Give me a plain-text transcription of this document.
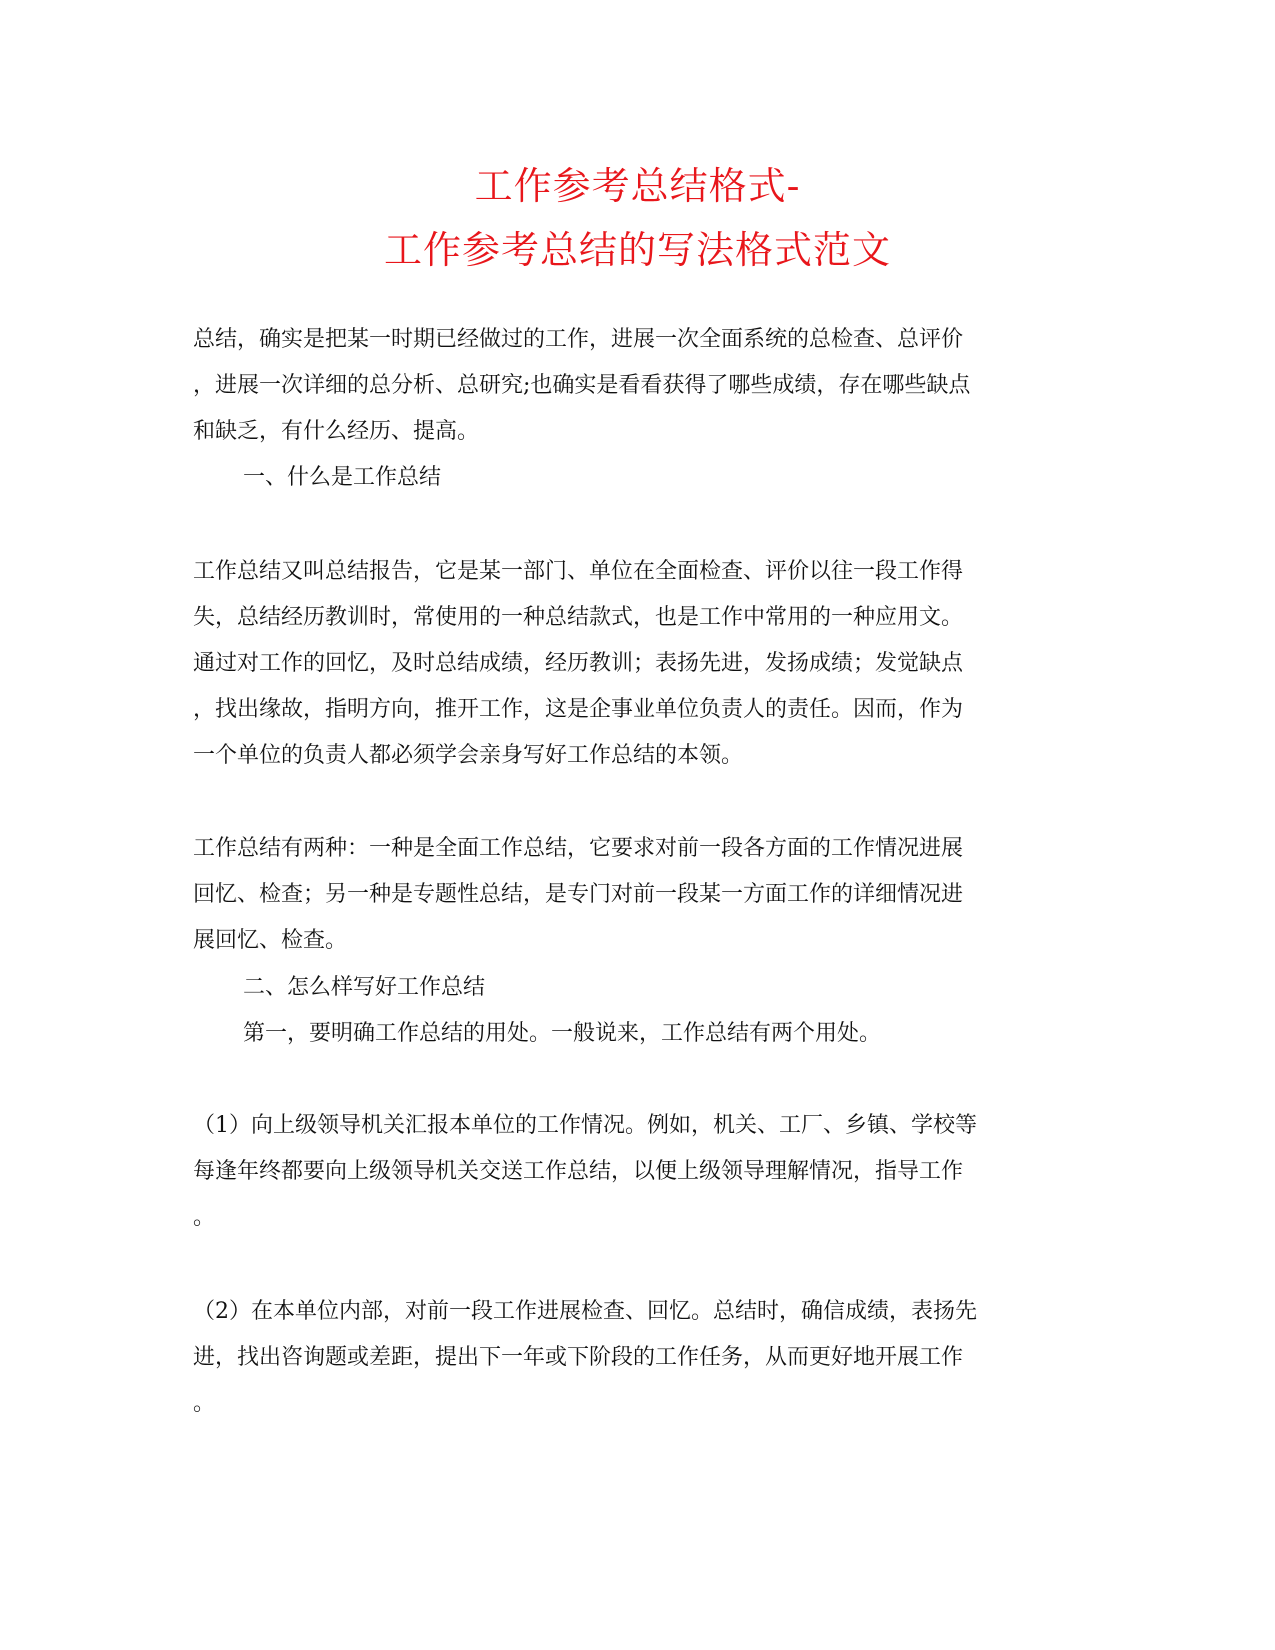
工作参考总结格式-
工作参考总结的写法格式范文
总结，确实是把某一时期已经做过的工作，进展一次全面系统的总检查、总评价
，进展一次详细的总分析、总研究;也确实是看看获得了哪些成绩，存在哪些缺点
和缺乏，有什么经历、提高。
一、什么是工作总结
工作总结又叫总结报告，它是某一部门、单位在全面检查、评价以往一段工作得
失，总结经历教训时，常使用的一种总结款式，也是工作中常用的一种应用文。
通过对工作的回忆，及时总结成绩，经历教训；表扬先进，发扬成绩；发觉缺点
，找出缘故，指明方向，推开工作，这是企事业单位负责人的责任。因而，作为
一个单位的负责人都必须学会亲身写好工作总结的本领。
工作总结有两种：一种是全面工作总结，它要求对前一段各方面的工作情况进展
回忆、检查；另一种是专题性总结，是专门对前一段某一方面工作的详细情况进
展回忆、检查。
二、怎么样写好工作总结
第一，要明确工作总结的用处。一般说来，工作总结有两个用处。
（1）向上级领导机关汇报本单位的工作情况。例如，机关、工厂、乡镇、学校等
每逢年终都要向上级领导机关交送工作总结，以便上级领导理解情况，指导工作
。
（2）在本单位内部，对前一段工作进展检查、回忆。总结时，确信成绩，表扬先
进，找出咨询题或差距，提出下一年或下阶段的工作任务，从而更好地开展工作
。
